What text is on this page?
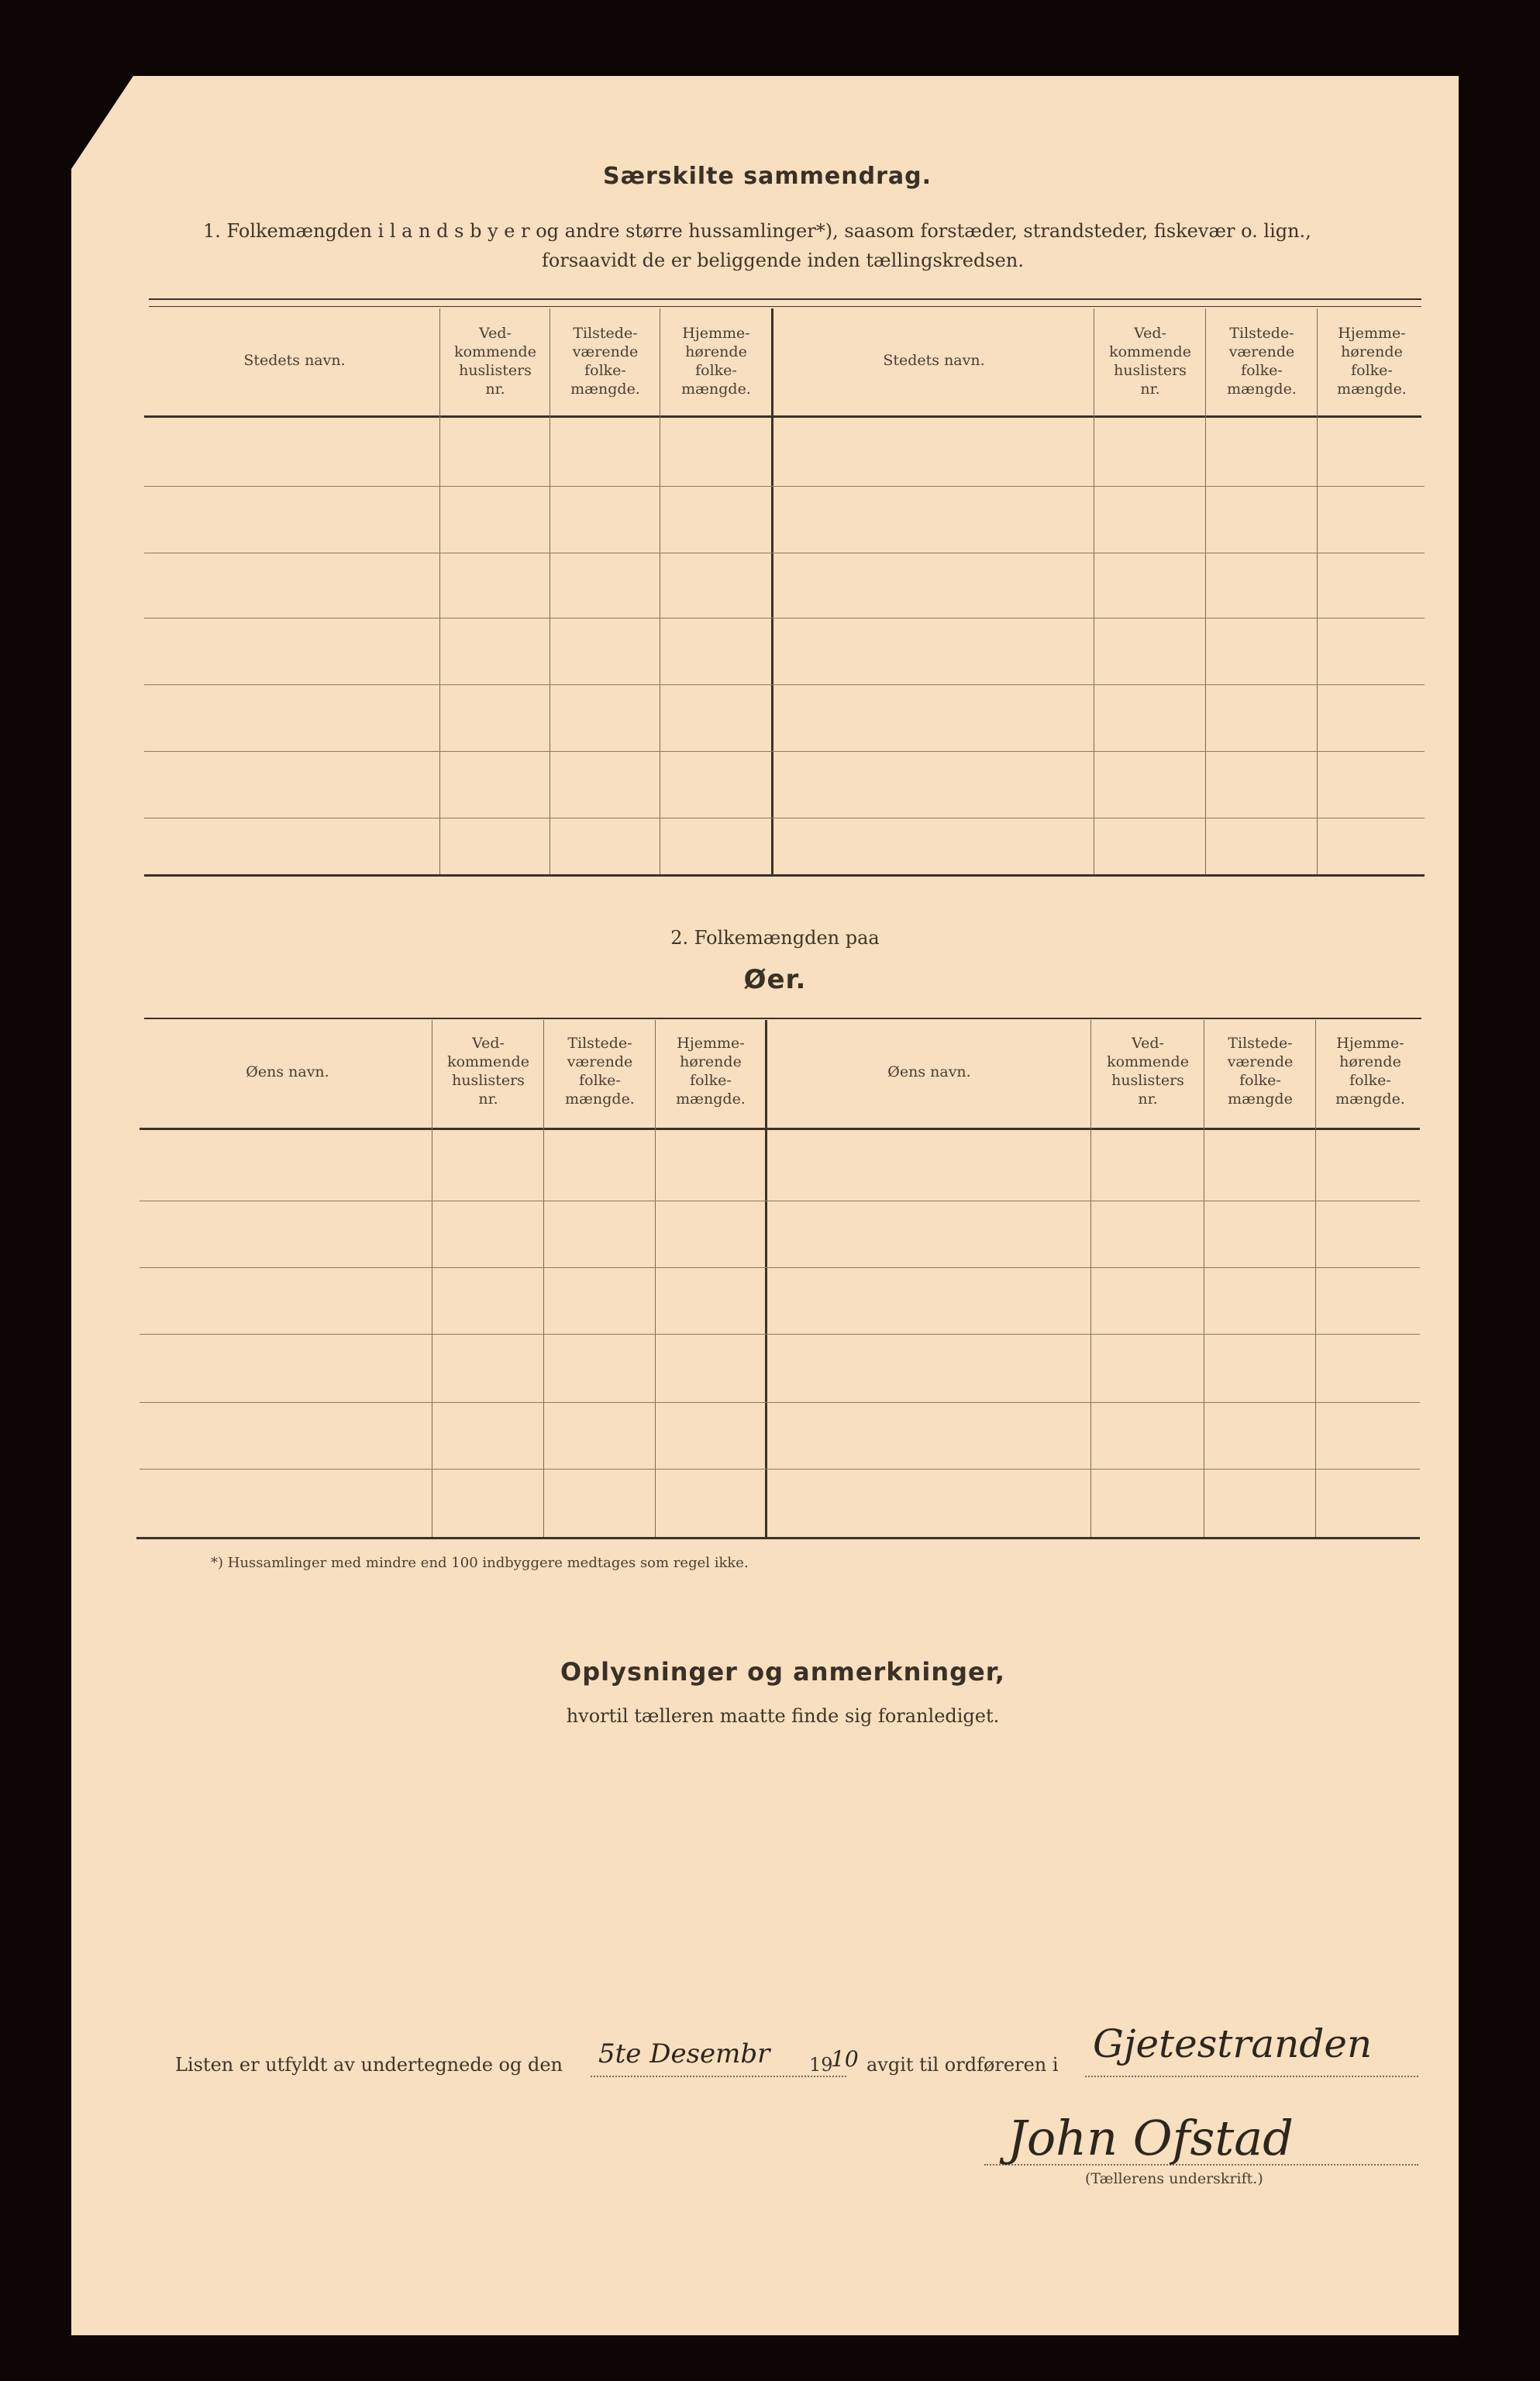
Særskilte sammendrag.
1. Folkemængden i l a n d s b y e r og andre større hussamlinger*), saasom forstæder, strandsteder, fiskevær o. lign.,
forsaavidt de er beliggende inden tællingskredsen.
Stedets navn.
Ved-
kommende
huslisters
nr.
Tilstede-
værende
folke-
mængde.
Hjemme-
hørende
folke-
mængde.
Stedets navn.
Ved-
kommende
huslisters
nr.
Tilstede-
værende
folke-
mængde.
Hjemme-
hørende
folke-
mængde.
2. Folkemængden paa
Øer.
Øens navn.
Ved-
kommende
huslisters
nr.
Tilstede-
værende
folke-
mængde.
Hjemme-
hørende
folke-
mængde.
Øens navn.
Ved-
kommende
huslisters
nr.
Tilstede-
værende
folke-
mængde
Hjemme-
hørende
folke-
mængde.
*) Hussamlinger med mindre end 100 indbyggere medtages som regel ikke.
Oplysninger og anmerkninger,
hvortil tælleren maatte finde sig foranlediget.
Listen er utfyldt av undertegnede og den 5te Desembr 19
10 avgit til ordføreren i Gjetestranden
John Ofstad
(Tællerens underskrift.)
